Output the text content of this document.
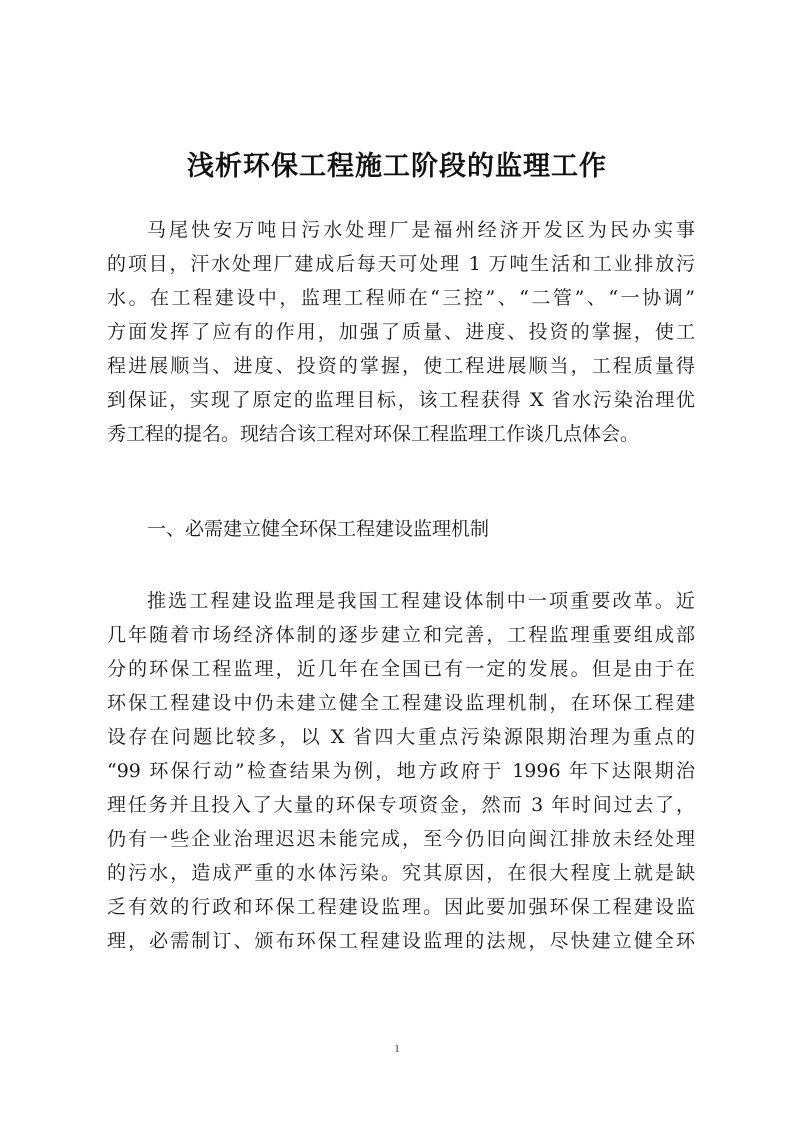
浅析环保工程施工阶段的监理工作
马尾快安万吨日污水处理厂是福州经济开发区为民办实事
的项目，汗水处理厂建成后每天可处理 1 万吨生活和工业排放污
水。在工程建设中，监理工程师在“三控”、“二管”、“一协调”
方面发挥了应有的作用，加强了质量、进度、投资的掌握，使工
程进展顺当、进度、投资的掌握，使工程进展顺当，工程质量得
到保证，实现了原定的监理目标，该工程获得 X 省水污染治理优
秀工程的提名。现结合该工程对环保工程监理工作谈几点体会。
一、必需建立健全环保工程建设监理机制
推选工程建设监理是我国工程建设体制中一项重要改革。近
几年随着市场经济体制的逐步建立和完善，工程监理重要组成部
分的环保工程监理，近几年在全国已有一定的发展。但是由于在
环保工程建设中仍未建立健全工程建设监理机制，在环保工程建
设存在问题比较多，以 X 省四大重点污染源限期治理为重点的
“99 环保行动”检查结果为例，地方政府于 1996 年下达限期治
理任务并且投入了大量的环保专项资金，然而 3 年时间过去了，
仍有一些企业治理迟迟未能完成，至今仍旧向闽江排放未经处理
的污水，造成严重的水体污染。究其原因，在很大程度上就是缺
乏有效的行政和环保工程建设监理。因此要加强环保工程建设监
理，必需制订、颁布环保工程建设监理的法规，尽快建立健全环
1
